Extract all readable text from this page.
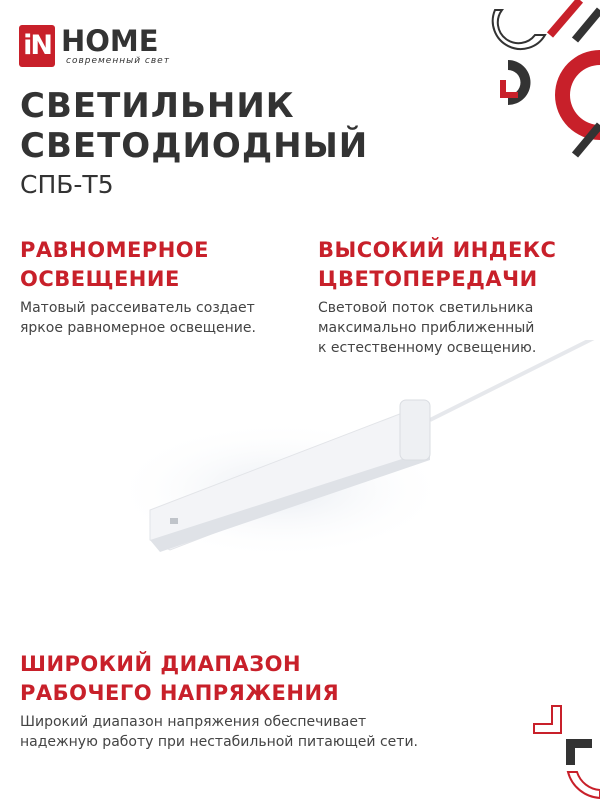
iN HOME
современный свет
СВЕТИЛЬНИК
СВЕТОДИОДНЫЙ
СПБ-Т5
РАВНОМЕРНОЕ
ОСВЕЩЕНИЕ
Матовый рассеиватель создает
яркое равномерное освещение.
ВЫСОКИЙ ИНДЕКС
ЦВЕТОПЕРЕДАЧИ
Световой поток светильника
максимально приближенный
к естественному освещению.
ШИРОКИЙ ДИАПАЗОН
РАБОЧЕГО НАПРЯЖЕНИЯ
Широкий диапазон напряжения обеспечивает
надежную работу при нестабильной питающей сети.
